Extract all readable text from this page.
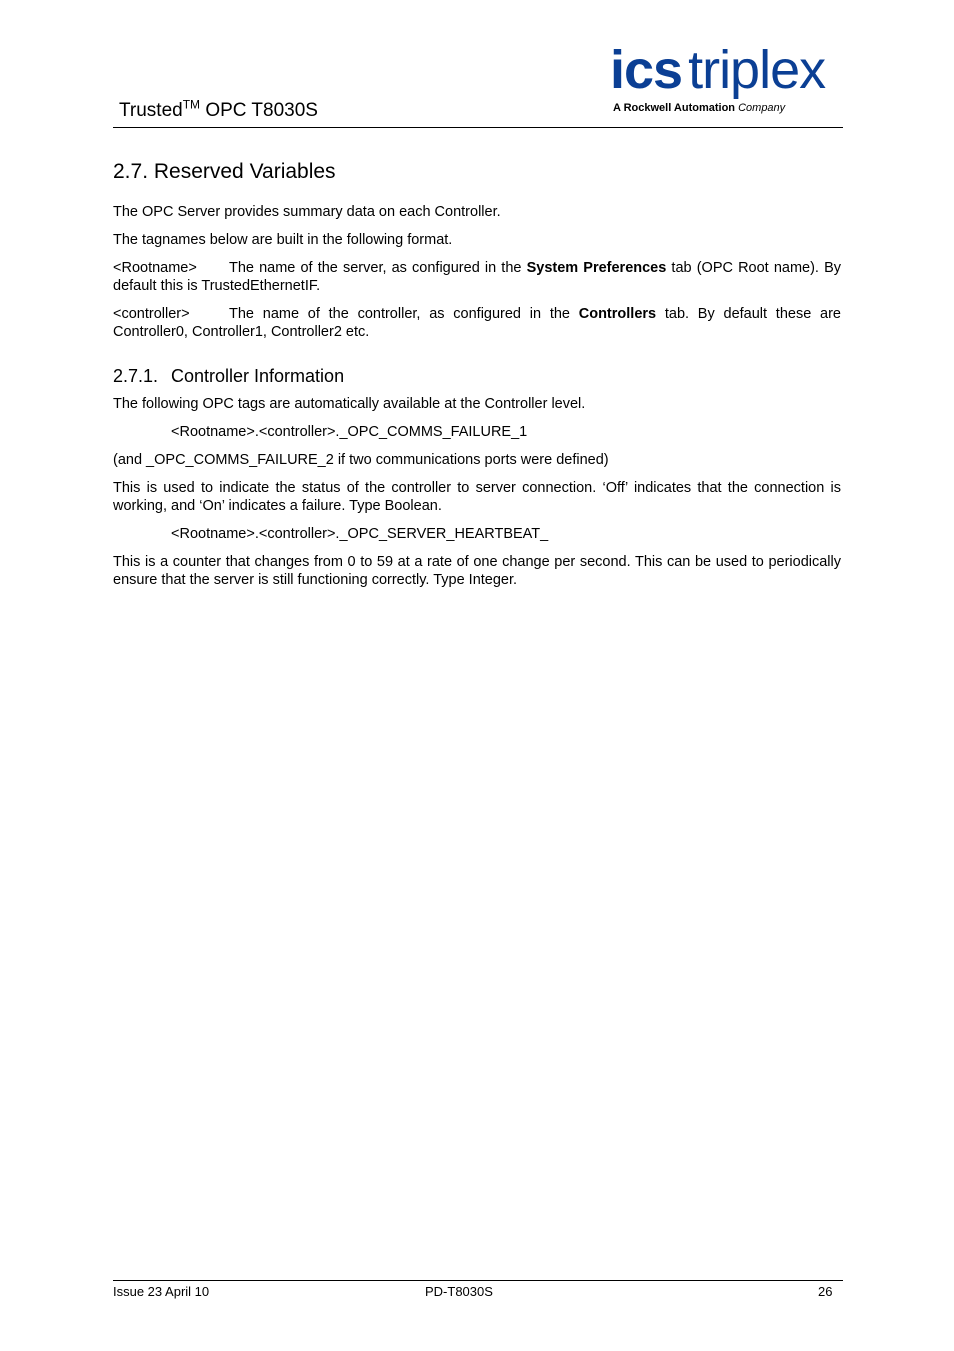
Trusted™ OPC T8030S
ics triplex
A Rockwell Automation Company
2.7. Reserved Variables

The OPC Server provides summary data on each Controller.

The tagnames below are built in the following format.

<Rootname> The name of the server, as configured in the System Preferences tab (OPC Root name). By default this is TrustedEthernetIF.

<controller>	The name of the controller, as configured in the Controllers tab. By default these are Controller0, Controller1, Controller2 etc.

2.7.1. Controller Information

The following OPC tags are automatically available at the Controller level.

<Rootname>.<controller>._OPC_COMMS_FAILURE_1

(and _OPC_COMMS_FAILURE_2 if two communications ports were defined)

This is used to indicate the status of the controller to server connection. ‘Off’ indicates that the connection is working, and ‘On’ indicates a failure. Type Boolean.

<Rootname>.<controller>._OPC_SERVER_HEARTBEAT_

This is a counter that changes from 0 to 59 at a rate of one change per second. This can be used to periodically ensure that the server is still functioning correctly. Type Integer.

Issue 23 April 10	PD-T8030S	26
